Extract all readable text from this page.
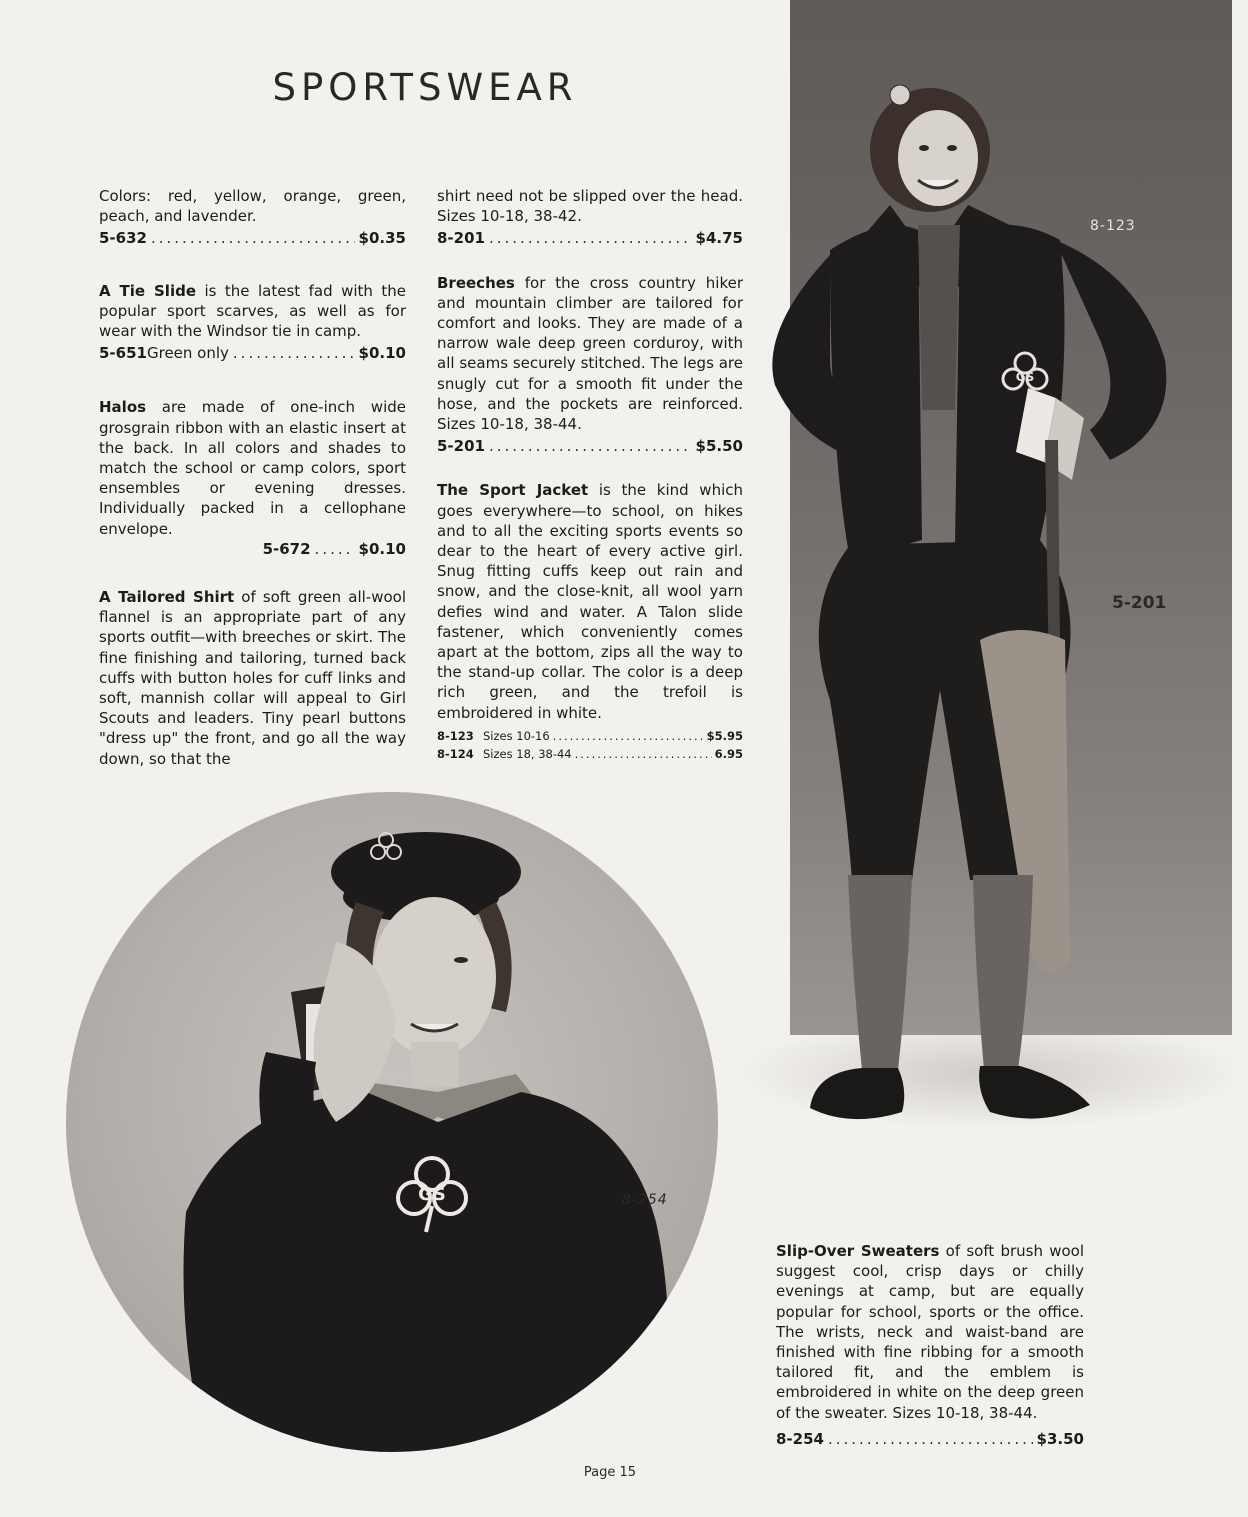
SPORTSWEAR

Colors: red, yellow, orange, green, peach, and lavender.

5-632 .....	$0.35

A Tie Slide is the latest fad with the popular sport scarves, as well as for wear with the Windsor tie in camp.

5-651 Green only .....	$0.10

Halos are made of one-inch wide grosgrain ribbon with an elastic insert at the back. In all colors and shades to match the school or camp colors, sport ensembles or evening dresses. Individually packed in a cellophane envelope.

5-672 .....	$0.10

A Tailored Shirt of soft green all-wool flannel is an appropriate part of any sports outfit—with breeches or skirt. The fine finishing and tailoring, turned back cuffs with button holes for cuff links and soft, mannish collar will appeal to Girl Scouts and leaders. Tiny pearl buttons "dress up" the front, and go all the way down, so that the

shirt need not be slipped over the head. Sizes 10-18, 38-42.

8-201 .....	$4.75

Breeches for the cross country hiker and mountain climber are tailored for comfort and looks. They are made of a narrow wale deep green corduroy, with all seams securely stitched. The legs are snugly cut for a smooth fit under the hose, and the pockets are reinforced. Sizes 10-18, 38-44.

5-201 .....	$5.50

The Sport Jacket is the kind which goes everywhere—to school, on hikes and to all the exciting sports events so dear to the heart of every active girl. Snug fitting cuffs keep out rain and snow, and the close-knit, all wool yarn defies wind and water. A Talon slide fastener, which conveniently comes apart at the bottom, zips all the way to the stand-up collar. The color is a deep rich green, and the trefoil is embroidered in white.

8-123 Sizes 10-16 .....	$5.95
8-124 Sizes 18, 38-44 .....	6.95
GS
8-123
5-201
GS	8-254

Slip-Over Sweaters of soft brush wool suggest cool, crisp days or chilly evenings at camp, but are equally popular for school, sports or the office. The wrists, neck and waist-band are finished with fine ribbing for a smooth tailored fit, and the emblem is embroidered in white on the deep green of the sweater. Sizes 10-18, 38-44.

8-254 .....	$3.50
Page 15
